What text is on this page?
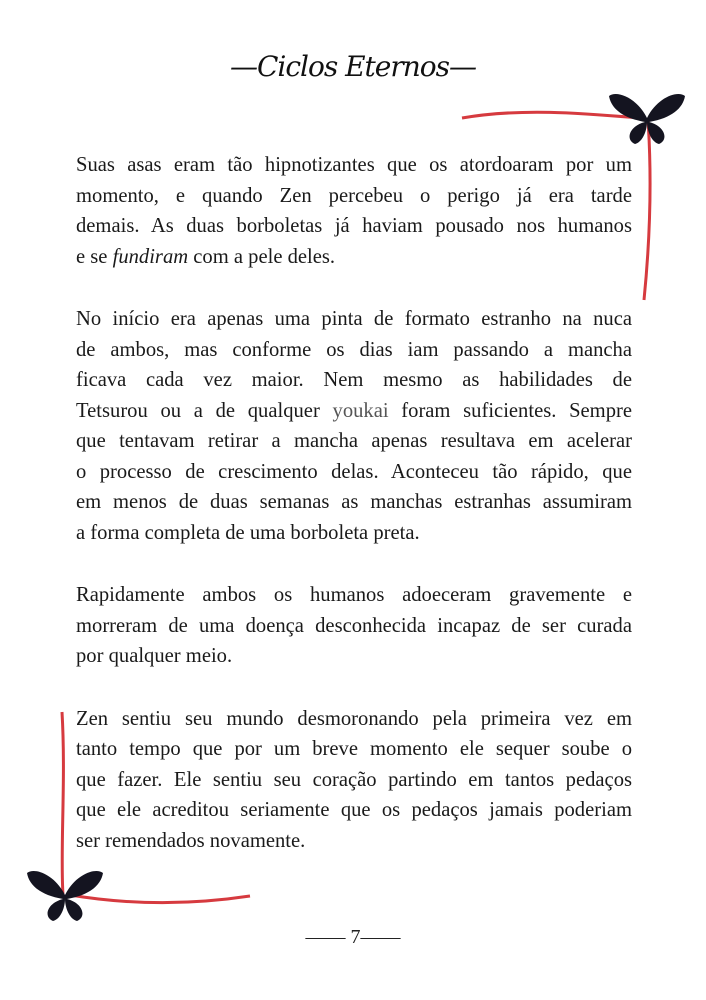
—Ciclos Eternos—
Suas asas eram tão hipnotizantes que os atordoaram por um
momento, e quando Zen percebeu o perigo já era tarde
demais. As duas borboletas já haviam pousado nos humanos
e se fundiram com a pele deles.
No início era apenas uma pinta de formato estranho na nuca
de ambos, mas conforme os dias iam passando a mancha
ficava cada vez maior. Nem mesmo as habilidades de
Tetsurou ou a de qualquer youkai foram suficientes. Sempre
que tentavam retirar a mancha apenas resultava em acelerar
o processo de crescimento delas. Aconteceu tão rápido, que
em menos de duas semanas as manchas estranhas assumiram
a forma completa de uma borboleta preta.
Rapidamente ambos os humanos adoeceram gravemente e
morreram de uma doença desconhecida incapaz de ser curada
por qualquer meio.
Zen sentiu seu mundo desmoronando pela primeira vez em
tanto tempo que por um breve momento ele sequer soube o
que fazer. Ele sentiu seu coração partindo em tantos pedaços
que ele acreditou seriamente que os pedaços jamais poderiam
ser remendados novamente.
—— 7——
